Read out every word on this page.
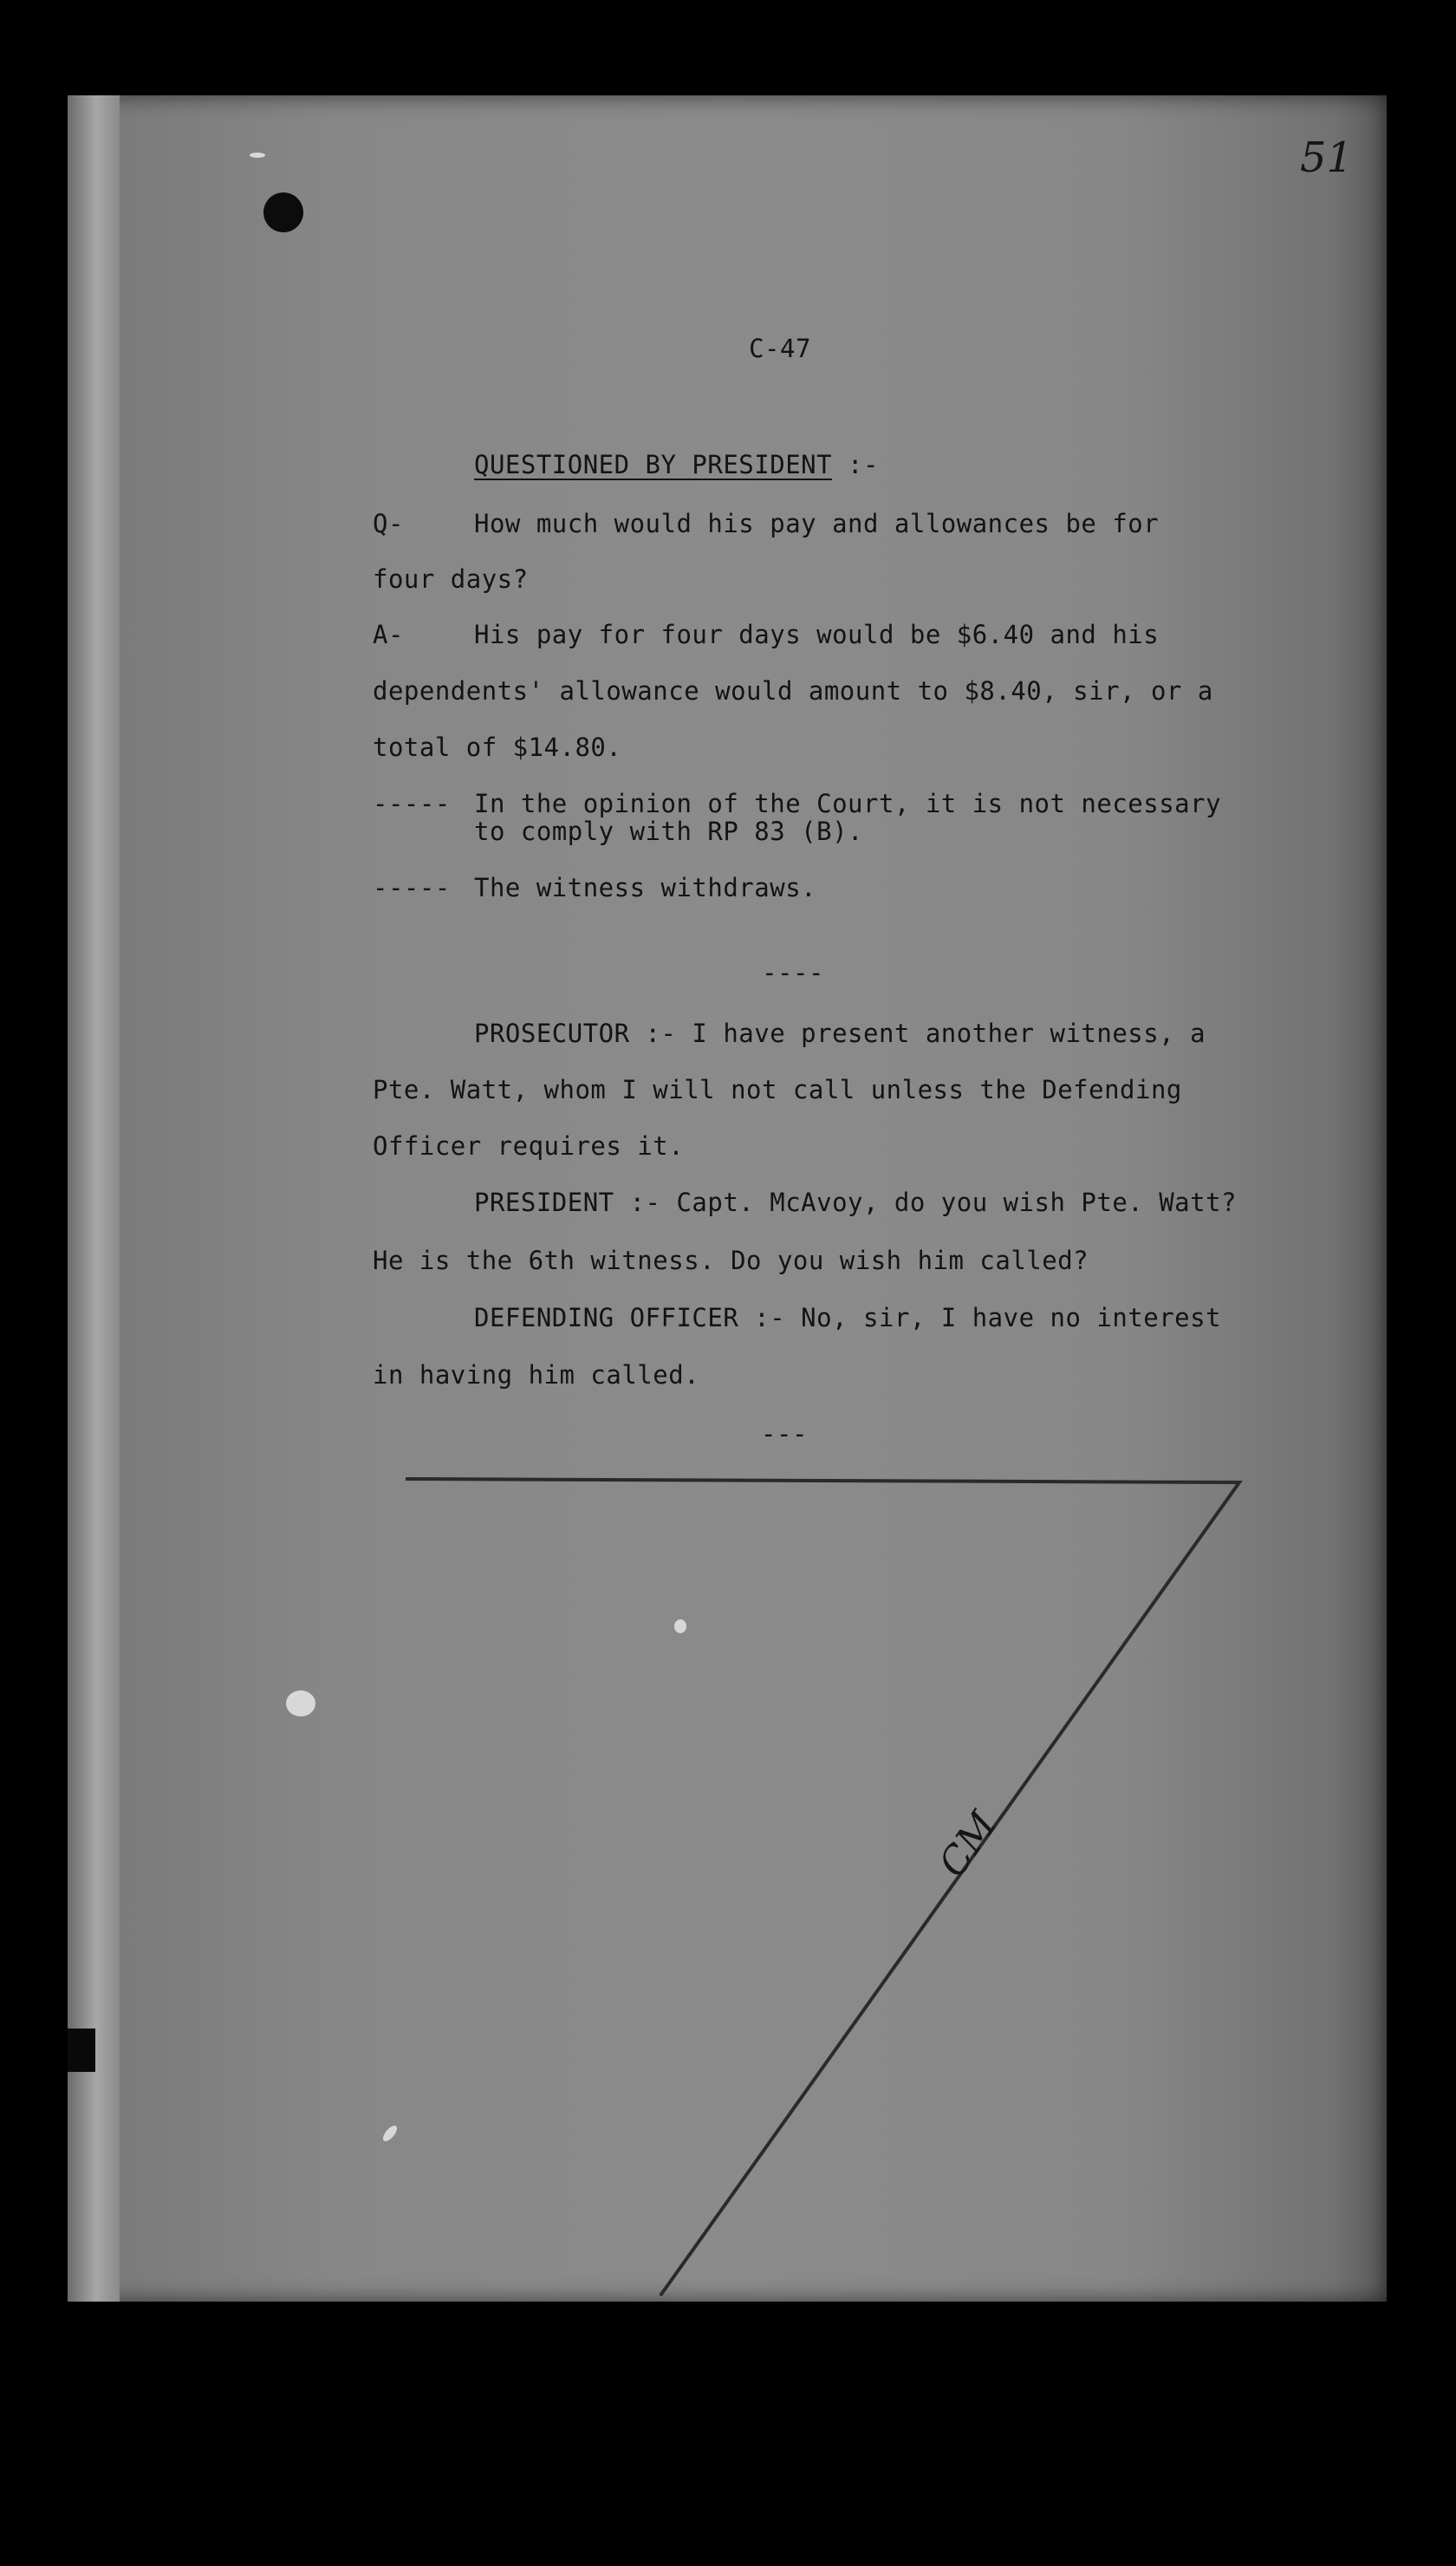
51
C-47
QUESTIONED BY PRESIDENT :-
Q-	How much would his pay and allowances be for
four days?
A-	His pay for four days would be $6.40 and his
dependents' allowance would amount to $8.40, sir, or a
total of $14.80.
----- In the opinion of the Court, it is not necessary
to comply with RP 83 (B).
----- The witness withdraws.
----
PROSECUTOR :- I have present another witness, a
Pte. Watt, whom I will not call unless the Defending
Officer requires it.
PRESIDENT :- Capt. McAvoy, do you wish Pte. Watt?
He is the 6th witness. Do you wish him called?
DEFENDING OFFICER :- No, sir, I have no interest
in having him called.
---
CM
